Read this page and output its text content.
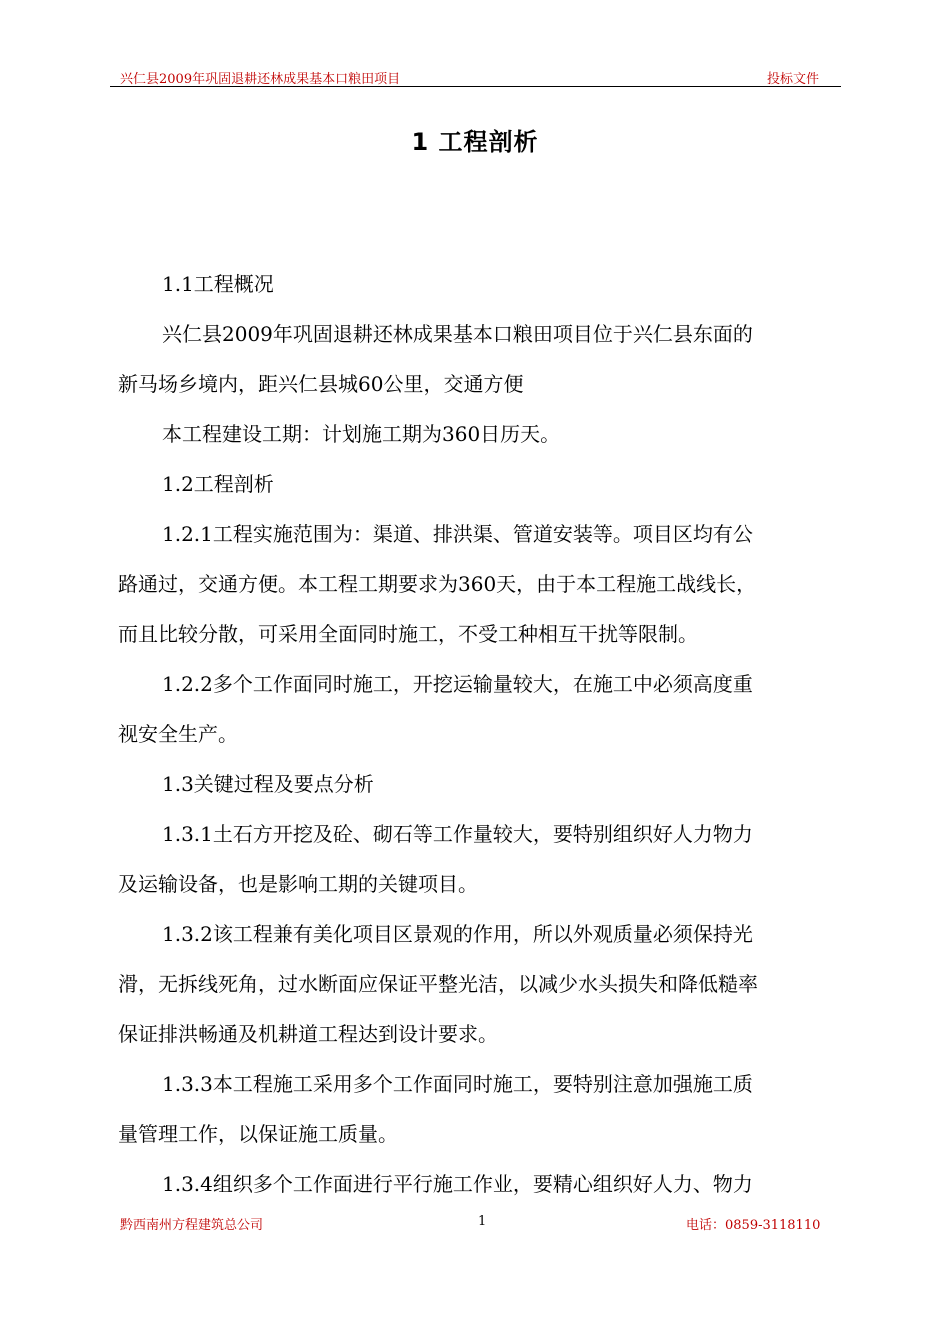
兴仁县2009年巩固退耕还林成果基本口粮田项目	投标文件
1 工程剖析
1.1工程概况
兴仁县2009年巩固退耕还林成果基本口粮田项目位于兴仁县东面的
新马场乡境内，距兴仁县城60公里，交通方便
本工程建设工期：计划施工期为360日历天。
1.2工程剖析
1.2.1工程实施范围为：渠道、排洪渠、管道安装等。项目区均有公
路通过，交通方便。本工程工期要求为360天，由于本工程施工战线长，
而且比较分散，可采用全面同时施工，不受工种相互干扰等限制。
1.2.2多个工作面同时施工，开挖运输量较大，在施工中必须高度重
视安全生产。
1.3关键过程及要点分析
1.3.1土石方开挖及砼、砌石等工作量较大，要特别组织好人力物力
及运输设备，也是影响工期的关键项目。
1.3.2该工程兼有美化项目区景观的作用，所以外观质量必须保持光
滑，无拆线死角，过水断面应保证平整光洁，以减少水头损失和降低糙率
保证排洪畅通及机耕道工程达到设计要求。
1.3.3本工程施工采用多个工作面同时施工，要特别注意加强施工质
量管理工作，以保证施工质量。
1.3.4组织多个工作面进行平行施工作业，要精心组织好人力、物力
黔西南州方程建筑总公司	1	电话：0859-3118110
